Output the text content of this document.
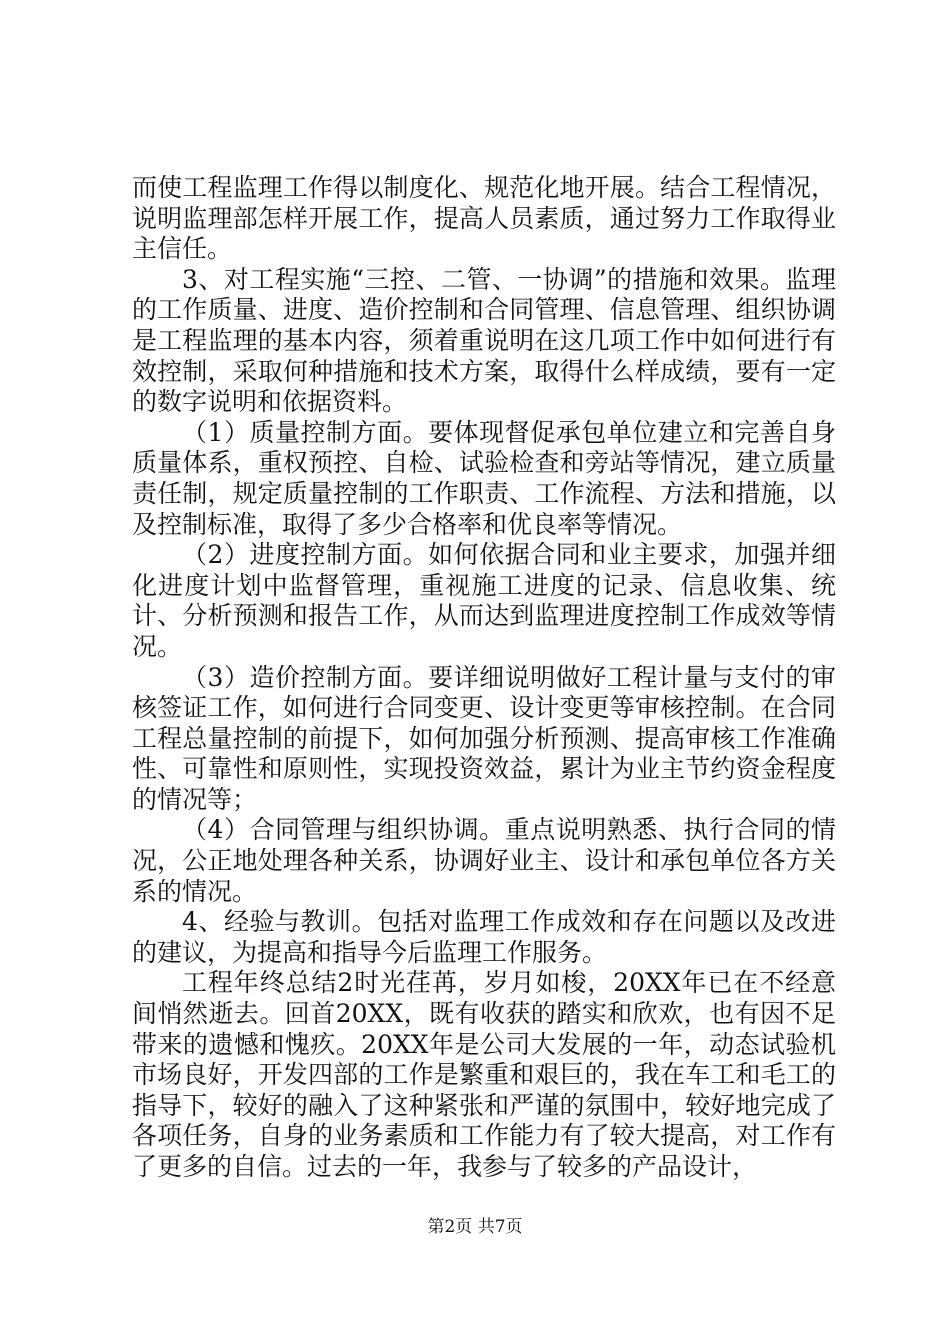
而使工程监理工作得以制度化、规范化地开展。结合工程情况，说明监理部怎样开展工作，提高人员素质，通过努力工作取得业主信任。

3、对工程实施“三控、二管、一协调”的措施和效果。监理的工作质量、进度、造价控制和合同管理、信息管理、组织协调是工程监理的基本内容，须着重说明在这几项工作中如何进行有效控制，采取何种措施和技术方案，取得什么样成绩，要有一定的数字说明和依据资料。

（1）质量控制方面。要体现督促承包单位建立和完善自身质量体系，重权预控、自检、试验检查和旁站等情况，建立质量责任制，规定质量控制的工作职责、工作流程、方法和措施，以及控制标准，取得了多少合格率和优良率等情况。

（2）进度控制方面。如何依据合同和业主要求，加强并细化进度计划中监督管理，重视施工进度的记录、信息收集、统计、分析预测和报告工作，从而达到监理进度控制工作成效等情况。

（3）造价控制方面。要详细说明做好工程计量与支付的审核签证工作，如何进行合同变更、设计变更等审核控制。在合同工程总量控制的前提下，如何加强分析预测、提高审核工作准确性、可靠性和原则性，实现投资效益，累计为业主节约资金程度的情况等；

（4）合同管理与组织协调。重点说明熟悉、执行合同的情况，公正地处理各种关系，协调好业主、设计和承包单位各方关系的情况。

4、经验与教训。包括对监理工作成效和存在问题以及改进的建议，为提高和指导今后监理工作服务。

工程年终总结2时光荏苒，岁月如梭，20XX年已在不经意间悄然逝去。回首20XX，既有收获的踏实和欣欢，也有因不足带来的遗憾和愧疚。20XX年是公司大发展的一年，动态试验机市场良好，开发四部的工作是繁重和艰巨的，我在车工和毛工的指导下，较好的融入了这种紧张和严谨的氛围中，较好地完成了各项任务，自身的业务素质和工作能力有了较大提高，对工作有了更多的自信。过去的一年，我参与了较多的产品设计，

第2页 共7页
